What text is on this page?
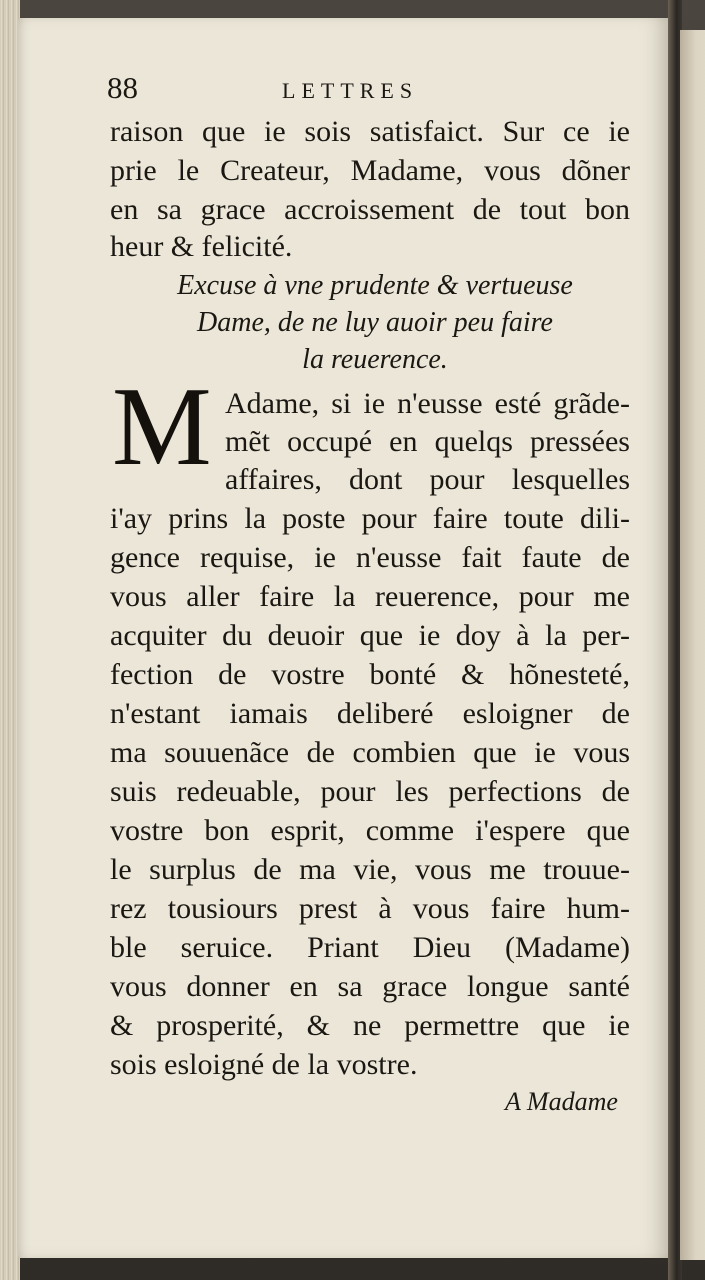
88	LETTRES
raison que ie sois satisfaict. Sur ce ie
prie le Createur, Madame, vous dõner
en sa grace accroissement de tout bon
heur & felicité.
Excuse à vne prudente & vertueuse
Dame, de ne luy auoir peu faire
la reuerence.
M Adame, si ie n'eusse esté grãde-
mẽt occupé en quelqs pressées
affaires, dont pour lesquelles
i'ay prins la poste pour faire toute dili-
gence requise, ie n'eusse fait faute de
vous aller faire la reuerence, pour me
acquiter du deuoir que ie doy à la per-
fection de vostre bonté & hõnesteté,
n'estant iamais deliberé esloigner de
ma souuenãce de combien que ie vous
suis redeuable, pour les perfections de
vostre bon esprit, comme i'espere que
le surplus de ma vie, vous me trouue-
rez tousiours prest à vous faire hum-
ble seruice. Priant Dieu (Madame)
vous donner en sa grace longue santé
& prosperité, & ne permettre que ie
sois esloigné de la vostre.
A Madame
